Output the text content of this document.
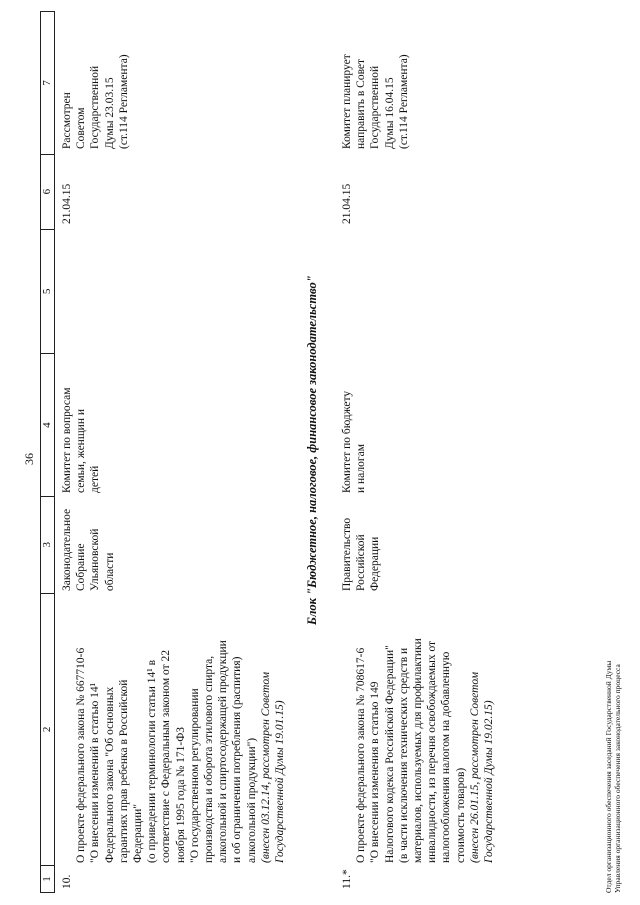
36
1
2
3
4
5
6
7
10.

О проекте федерального закона № 667710-6
"О внесении изменений в статью 14¹
Федерального закона "Об основных
гарантиях прав ребенка в Российской
Федерации"
(о приведении терминологии статьи 14¹ в
соответствие с Федеральным законом от 22
ноября 1995 года № 171-ФЗ
"О государственном регулировании
производства и оборота этилового спирта,
алкогольной и спиртосодержащей продукции
и об ограничении потребления (распития)
алкогольной продукции")

(внесен 03.12.14, рассмотрен Советом
Государственной Думы 19.01.15)

Законодательное
Собрание
Ульяновской области
Комитет по вопросам
семьи, женщин и
детей
21.04.15
Рассмотрен
Советом
Государственной
Думы 23.03.15
(ст.114 Регламента)
Блок "Бюджетное, налоговое, финансовое законодательство"
11.*

О проекте федерального закона № 708617-6
"О внесении изменения в статью 149
Налогового кодекса Российской Федерации"
(в части исключения технических средств и
материалов, используемых для профилактики
инвалидности, из перечня освобождаемых от
налогообложения налогом на добавленную
стоимость товаров)

(внесен 26.01.15, рассмотрен Советом
Государственной Думы 19.02.15)

Правительство
Российской
Федерации
Комитет по бюджету
и налогам
21.04.15
Комитет планирует
направить в Совет
Государственной
Думы 16.04.15
(ст.114 Регламента)
Отдел организационного обеспечения заседаний Государственной Думы
Управления организационного обеспечения законодательного процесса
